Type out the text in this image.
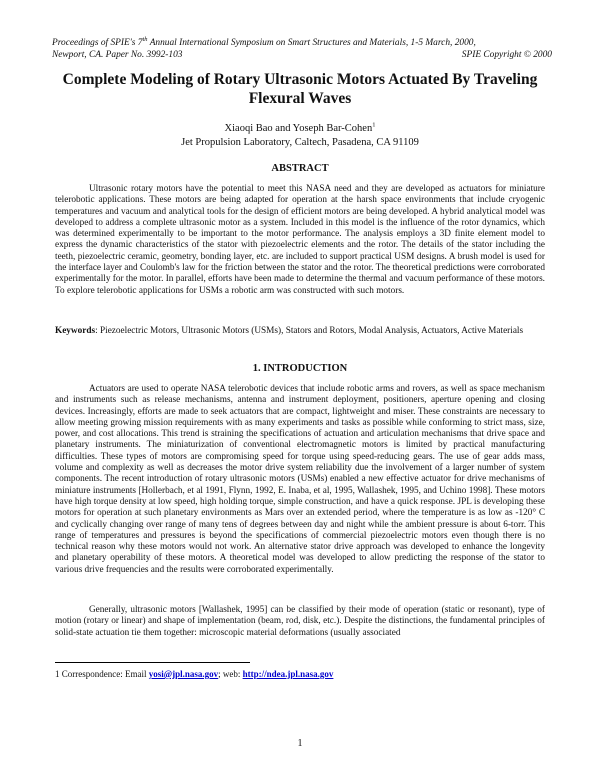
Proceedings of SPIE's 7th Annual International Symposium on Smart Structures and Materials, 1-5 March, 2000,
Newport, CA. Paper No. 3992-103	SPIE Copyright © 2000
Complete Modeling of Rotary Ultrasonic Motors Actuated By Traveling Flexural Waves
Xiaoqi Bao and Yoseph Bar-Cohen$^1$
Jet Propulsion Laboratory, Caltech, Pasadena, CA 91109
ABSTRACT

Ultrasonic rotary motors have the potential to meet this NASA need and they are developed as actuators for miniature telerobotic applications. These motors are being adapted for operation at the harsh space environments that include cryogenic temperatures and vacuum and analytical tools for the design of efficient motors are being developed. A hybrid analytical model was developed to address a complete ultrasonic motor as a system. Included in this model is the influence of the rotor dynamics, which was determined experimentally to be important to the motor performance. The analysis employs a 3D finite element model to express the dynamic characteristics of the stator with piezoelectric elements and the rotor. The details of the stator including the teeth, piezoelectric ceramic, geometry, bonding layer, etc. are included to support practical USM designs. A brush model is used for the interface layer and Coulomb's law for the friction between the stator and the rotor. The theoretical predictions were corroborated experimentally for the motor. In parallel, efforts have been made to determine the thermal and vacuum performance of these motors. To explore telerobotic applications for USMs a robotic arm was constructed with such motors.

Keywords: Piezoelectric Motors, Ultrasonic Motors (USMs), Stators and Rotors, Modal Analysis, Actuators, Active Materials

1. INTRODUCTION

Actuators are used to operate NASA telerobotic devices that include robotic arms and rovers, as well as space mechanism and instruments such as release mechanisms, antenna and instrument deployment, positioners, aperture opening and closing devices. Increasingly, efforts are made to seek actuators that are compact, lightweight and miser. These constraints are necessary to allow meeting growing mission requirements with as many experiments and tasks as possible while conforming to strict mass, size, power, and cost allocations. This trend is straining the specifications of actuation and articulation mechanisms that drive space and planetary instruments. The miniaturization of conventional electromagnetic motors is limited by practical manufacturing difficulties. These types of motors are compromising speed for torque using speed-reducing gears. The use of gear adds mass, volume and complexity as well as decreases the motor drive system reliability due the involvement of a larger number of system components. The recent introduction of rotary ultrasonic motors (USMs) enabled a new effective actuator for drive mechanisms of miniature instruments [Hollerbach, et al 1991, Flynn, 1992, E. Inaba, et al, 1995, Wallashek, 1995, and Uchino 1998]. These motors have high torque density at low speed, high holding torque, simple construction, and have a quick response. JPL is developing these motors for operation at such planetary environments as Mars over an extended period, where the temperature is as low as -120° C and cyclically changing over range of many tens of degrees between day and night while the ambient pressure is about 6-torr. This range of temperatures and pressures is beyond the specifications of commercial piezoelectric motors even though there is no technical reason why these motors would not work. An alternative stator drive approach was developed to enhance the longevity and planetary operability of these motors. A theoretical model was developed to allow predicting the response of the stator to various drive frequencies and the results were corroborated experimentally.

Generally, ultrasonic motors [Wallashek, 1995] can be classified by their mode of operation (static or resonant), type of motion (rotary or linear) and shape of implementation (beam, rod, disk, etc.). Despite the distinctions, the fundamental principles of solid-state actuation tie them together: microscopic material deformations (usually associated

1 Correspondence: Email yosi@jpl.nasa.gov; web: http://ndea.jpl.nasa.gov
1
